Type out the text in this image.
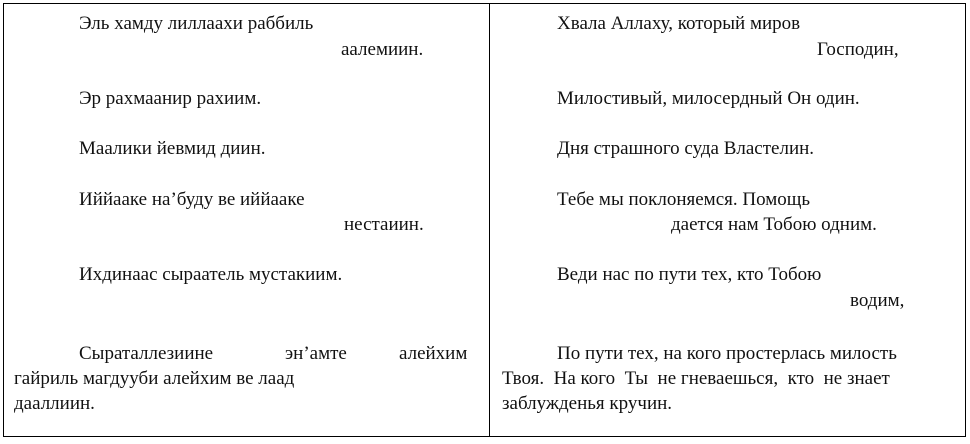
Эль хамду лиллаахи раббиль
аалемиин.
Эр рахмаанир рахиим.
Маалики йевмид диин.
Иййааке на’буду ве иййааке
нестаиин.
Ихдинаас сыраатель мустакиим.
Сыраталлезиине	эн’амте	алейхим
гайриль магдууби алейхим ве лаад
дааллиин.
Хвала Аллаху, который миров
Господин,
Милостивый, милосердный Он один.
Дня страшного суда Властелин.
Тебе мы поклоняемся. Помощь
дается нам Тобою одним.
Веди нас по пути тех, кто Тобою
водим,
По пути тех, на кого простерлась милость
Твоя.  На кого  Ты  не гневаешься,  кто  не знает
заблужденья кручин.
